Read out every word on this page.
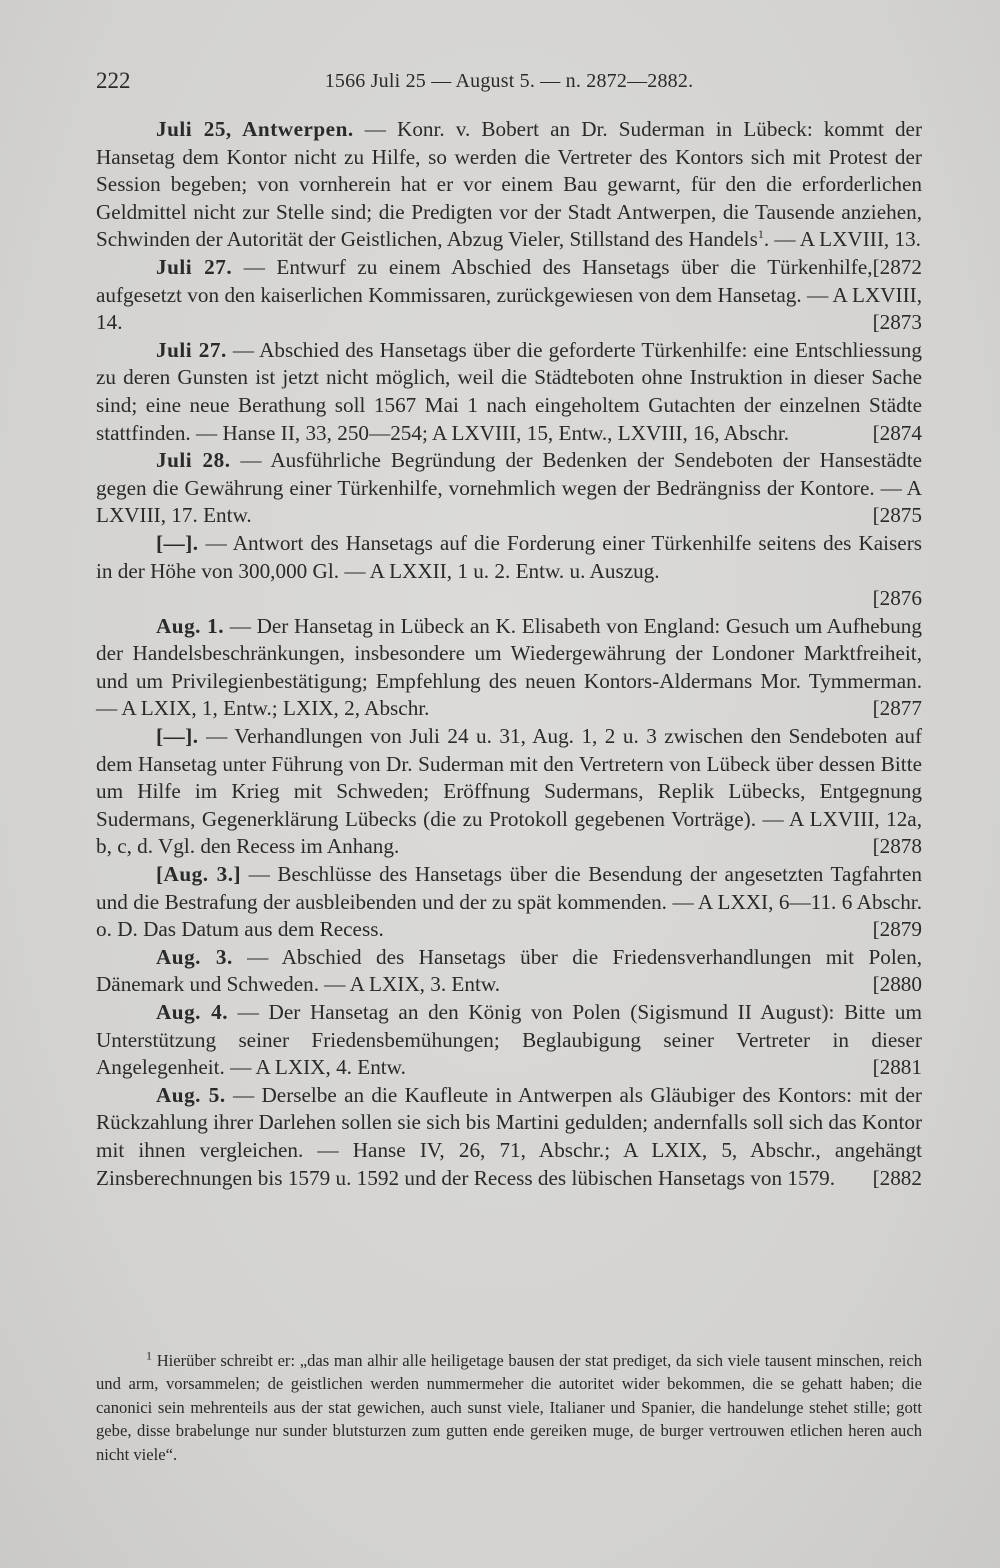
222	1566 Juli 25 — August 5. — n. 2872—2882.

Juli 25, Antwerpen. — Konr. v. Bobert an Dr. Suderman in Lübeck: kommt der Hansetag dem Kontor nicht zu Hilfe, so werden die Vertreter des Kontors sich mit Protest der Session begeben; von vornherein hat er vor einem Bau gewarnt, für den die erforderlichen Geldmittel nicht zur Stelle sind; die Predigten vor der Stadt Antwerpen, die Tausende anziehen, Schwinden der Autorität der Geistlichen, Abzug Vieler, Stillstand des Handels$^1$. — A LXVIII, 13.
[2872

Juli 27. — Entwurf zu einem Abschied des Hansetags über die Türkenhilfe, aufgesetzt von den kaiserlichen Kommissaren, zurückgewiesen von dem Hansetag. — A LXVIII, 14.	[2873

Juli 27. — Abschied des Hansetags über die geforderte Türkenhilfe: eine Entschliessung zu deren Gunsten ist jetzt nicht möglich, weil die Städteboten ohne Instruktion in dieser Sache sind; eine neue Berathung soll 1567 Mai 1 nach eingeholtem Gutachten der einzelnen Städte stattfinden. — Hanse II, 33, 250—254; A LXVIII, 15, Entw., LXVIII, 16, Abschr.	[2874

Juli 28. — Ausführliche Begründung der Bedenken der Sendeboten der Hansestädte gegen die Gewährung einer Türkenhilfe, vornehmlich wegen der Bedrängniss der Kontore. — A LXVIII, 17. Entw.	[2875

[—]. — Antwort des Hansetags auf die Forderung einer Türkenhilfe seitens des Kaisers in der Höhe von 300,000 Gl. — A LXXII, 1 u. 2. Entw. u. Auszug.
[2876

Aug. 1. — Der Hansetag in Lübeck an K. Elisabeth von England: Gesuch um Aufhebung der Handelsbeschränkungen, insbesondere um Wiedergewährung der Londoner Marktfreiheit, und um Privilegienbestätigung; Empfehlung des neuen Kontors-Aldermans Mor. Tymmerman. — A LXIX, 1, Entw.; LXIX, 2, Abschr.	[2877

[—]. — Verhandlungen von Juli 24 u. 31, Aug. 1, 2 u. 3 zwischen den Sendeboten auf dem Hansetag unter Führung von Dr. Suderman mit den Vertretern von Lübeck über dessen Bitte um Hilfe im Krieg mit Schweden; Eröffnung Sudermans, Replik Lübecks, Entgegnung Sudermans, Gegenerklärung Lübecks (die zu Protokoll gegebenen Vorträge). — A LXVIII, 12a, b, c, d. Vgl. den Recess im Anhang.	[2878

[Aug. 3.] — Beschlüsse des Hansetags über die Besendung der angesetzten Tagfahrten und die Bestrafung der ausbleibenden und der zu spät kommenden. — A LXXI, 6—11. 6 Abschr. o. D. Das Datum aus dem Recess.	[2879

Aug. 3. — Abschied des Hansetags über die Friedensverhandlungen mit Polen, Dänemark und Schweden. — A LXIX, 3. Entw.	[2880

Aug. 4. — Der Hansetag an den König von Polen (Sigismund II August): Bitte um Unterstützung seiner Friedensbemühungen; Beglaubigung seiner Vertreter in dieser Angelegenheit. — A LXIX, 4. Entw.	[2881

Aug. 5. — Derselbe an die Kaufleute in Antwerpen als Gläubiger des Kontors: mit der Rückzahlung ihrer Darlehen sollen sie sich bis Martini gedulden; andernfalls soll sich das Kontor mit ihnen vergleichen. — Hanse IV, 26, 71, Abschr.; A LXIX, 5, Abschr., angehängt Zinsberechnungen bis 1579 u. 1592 und der Recess des lübischen Hansetags von 1579. [2882

$^1$ Hierüber schreibt er: „das man alhir alle heiligetage bausen der stat prediget, da sich viele tausent minschen, reich und arm, vorsammelen; de geistlichen werden nummermeher die autoritet wider bekommen, die se gehatt haben; die canonici sein mehrenteils aus der stat gewichen, auch sunst viele, Italianer und Spanier, die handelunge stehet stille; gott gebe, disse brabelunge nur sunder blutsturzen zum gutten ende gereiken muge, de burger vertrouwen etlichen heren auch nicht viele“.
